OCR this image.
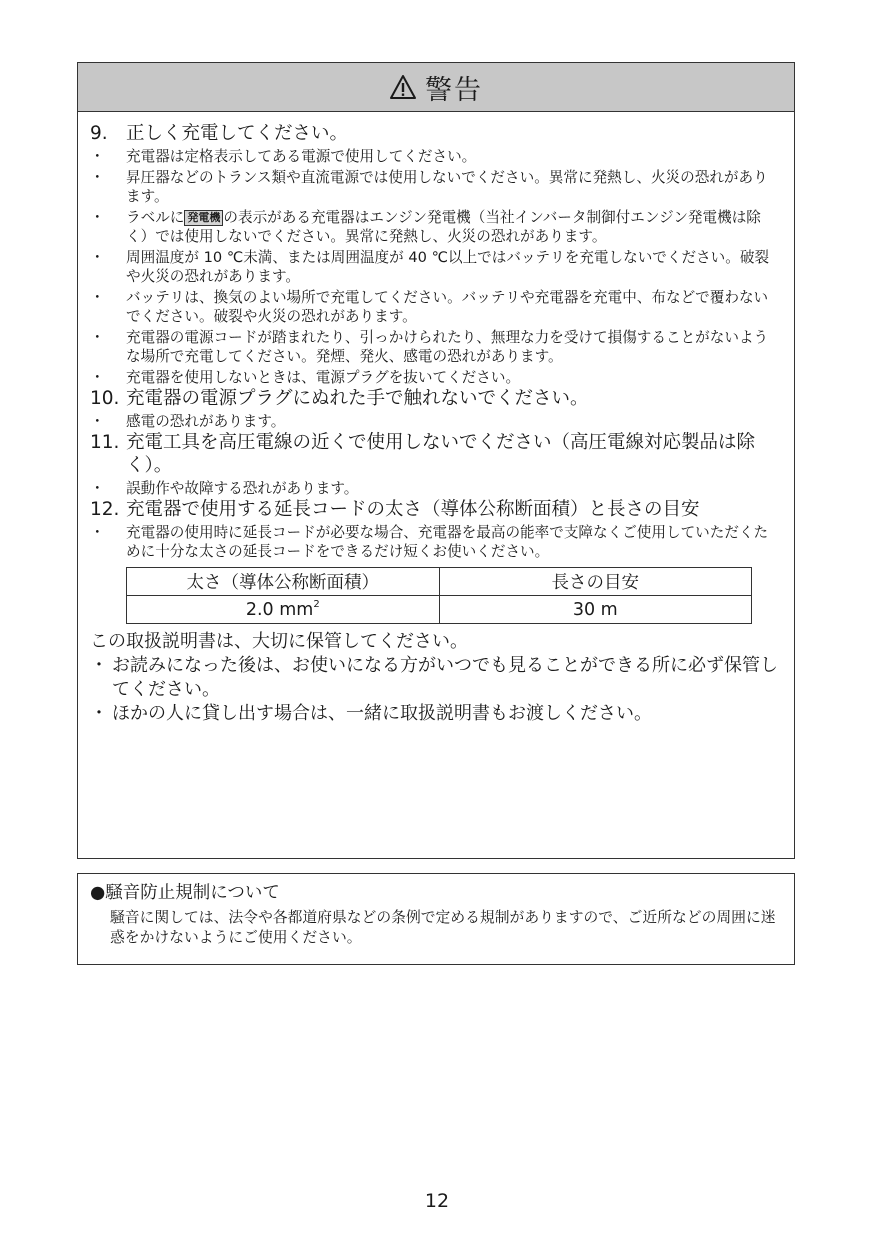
警告
9. 正しく充電してください。
・ 充電器は定格表示してある電源で使用してください。
・ 昇圧器などのトランス類や直流電源では使用しないでください。異常に発熱し、火災の恐れがあります。
・ ラベルに 発電機 の表示がある充電器はエンジン発電機（当社インバータ制御付エンジン発電機は除く）では使用しないでください。異常に発熱し、火災の恐れがあります。
・ 周囲温度が 10 ℃未満、または周囲温度が 40 ℃以上ではバッテリを充電しないでください。破裂や火災の恐れがあります。
・ バッテリは、換気のよい場所で充電してください。バッテリや充電器を充電中、布などで覆わないでください。破裂や火災の恐れがあります。
・ 充電器の電源コードが踏まれたり、引っかけられたり、無理な力を受けて損傷することがないような場所で充電してください。発煙、発火、感電の恐れがあります。
・ 充電器を使用しないときは、電源プラグを抜いてください。
10. 充電器の電源プラグにぬれた手で触れないでください。
・ 感電の恐れがあります。
11. 充電工具を高圧電線の近くで使用しないでください（高圧電線対応製品は除く）。
・ 誤動作や故障する恐れがあります。
12. 充電器で使用する延長コードの太さ（導体公称断面積）と長さの目安
・ 充電器の使用時に延長コードが必要な場合、充電器を最高の能率で支障なくご使用していただくために十分な太さの延長コードをできるだけ短くお使いください。
太さ（導体公称断面積）	長さの目安
2.0 $mm^2$	30 m
この取扱説明書は、大切に保管してください。
・ お読みになった後は、お使いになる方がいつでも見ることができる所に必ず保管してください。
・ ほかの人に貸し出す場合は、一緒に取扱説明書もお渡しください。
●騒音防止規制について
騒音に関しては、法令や各都道府県などの条例で定める規制がありますので、ご近所などの周囲に迷惑をかけないようにご使用ください。
12
